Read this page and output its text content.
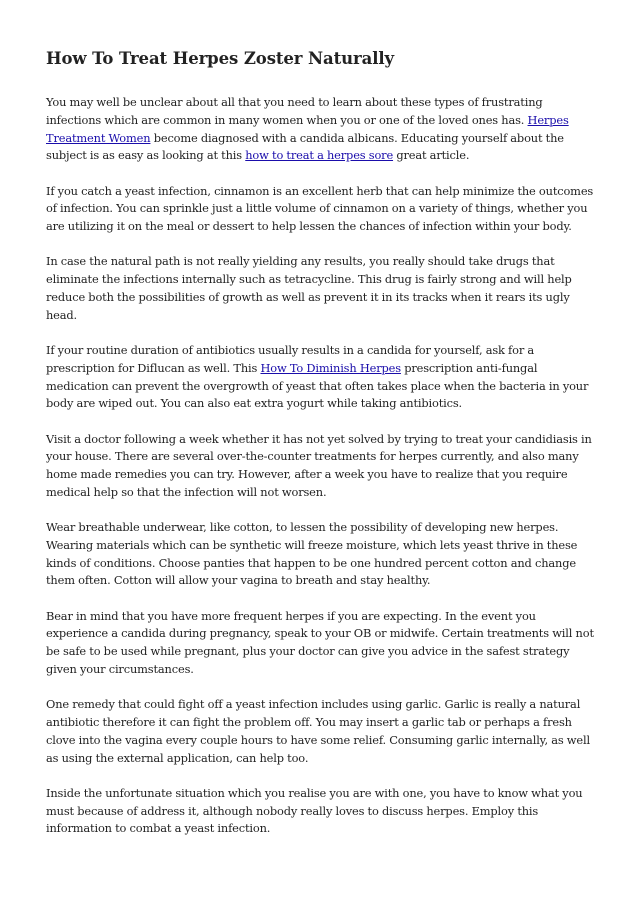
How To Treat Herpes Zoster Naturally

You may well be unclear about all that you need to learn about these types of frustrating infections which are common in many women when you or one of the loved ones has. Herpes Treatment Women become diagnosed with a candida albicans. Educating yourself about the subject is as easy as looking at this how to treat a herpes sore great article.

If you catch a yeast infection, cinnamon is an excellent herb that can help minimize the outcomes of infection. You can sprinkle just a little volume of cinnamon on a variety of things, whether you are utilizing it on the meal or dessert to help lessen the chances of infection within your body.

In case the natural path is not really yielding any results, you really should take drugs that eliminate the infections internally such as tetracycline. This drug is fairly strong and will help reduce both the possibilities of growth as well as prevent it in its tracks when it rears its ugly head.

If your routine duration of antibiotics usually results in a candida for yourself, ask for a prescription for Diflucan as well. This How To Diminish Herpes prescription anti-fungal medication can prevent the overgrowth of yeast that often takes place when the bacteria in your body are wiped out. You can also eat extra yogurt while taking antibiotics.

Visit a doctor following a week whether it has not yet solved by trying to treat your candidiasis in your house. There are several over-the-counter treatments for herpes currently, and also many home made remedies you can try. However, after a week you have to realize that you require medical help so that the infection will not worsen.

Wear breathable underwear, like cotton, to lessen the possibility of developing new herpes. Wearing materials which can be synthetic will freeze moisture, which lets yeast thrive in these kinds of conditions. Choose panties that happen to be one hundred percent cotton and change them often. Cotton will allow your vagina to breath and stay healthy.

Bear in mind that you have more frequent herpes if you are expecting. In the event you experience a candida during pregnancy, speak to your OB or midwife. Certain treatments will not be safe to be used while pregnant, plus your doctor can give you advice in the safest strategy given your circumstances.

One remedy that could fight off a yeast infection includes using garlic. Garlic is really a natural antibiotic therefore it can fight the problem off. You may insert a garlic tab or perhaps a fresh clove into the vagina every couple hours to have some relief. Consuming garlic internally, as well as using the external application, can help too.

Inside the unfortunate situation which you realise you are with one, you have to know what you must because of address it, although nobody really loves to discuss herpes. Employ this information to combat a yeast infection.
